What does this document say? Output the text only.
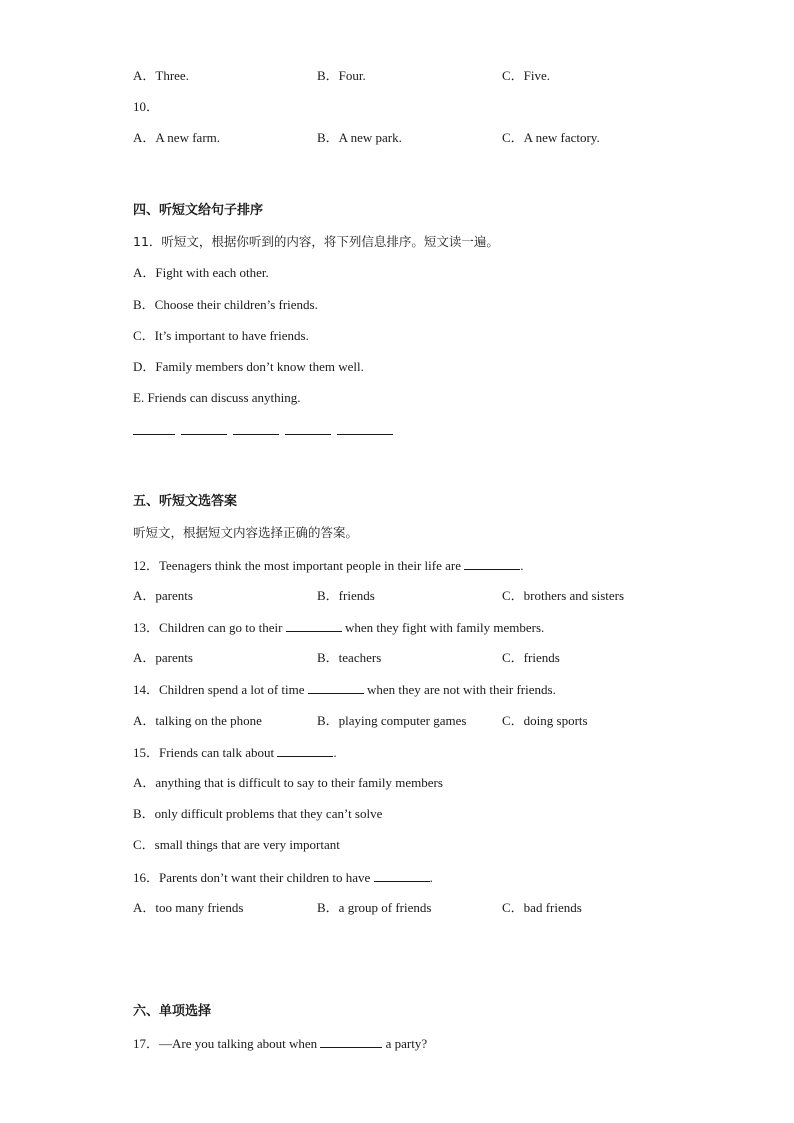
A．Three.	B．Four.	C．Five.
10．
A．A new farm.	B．A new park.	C．A new factory.
四、听短文给句子排序
11．听短文，根据你听到的内容，将下列信息排序。短文读一遍。
A．Fight with each other.
B．Choose their children’s friends.
C．It’s important to have friends.
D．Family members don’t know them well.
E. Friends can discuss anything.
五、听短文选答案
听短文，根据短文内容选择正确的答案。
12．Teenagers think the most important people in their life are	.
A．parents	B．friends	C．brothers and sisters
13．Children can go to their	when they fight with family members.
A．parents	B．teachers	C．friends
14．Children spend a lot of time	when they are not with their friends.
A．talking on the phone	B．playing computer games	C．doing sports
15．Friends can talk about	.
A．anything that is difficult to say to their family members
B．only difficult problems that they can’t solve
C．small things that are very important
16．Parents don’t want their children to have	.
A．too many friends	B．a group of friends	C．bad friends
六、单项选择
17．—Are you talking about when	a party?
